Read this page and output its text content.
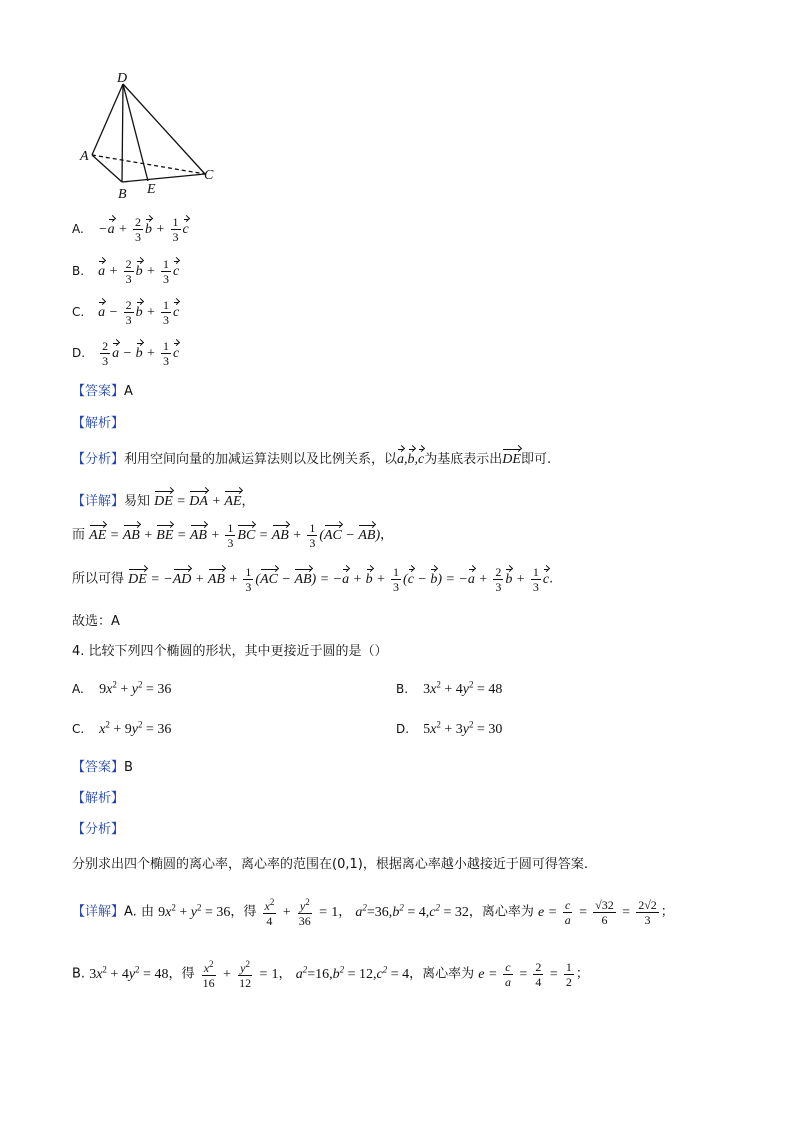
D
A
B E
C
A. $-a + \frac{2}{3}$ $b + \frac{1}{3}$ c
B. $a + \frac{2}{3}$ $b + \frac{1}{3}$ c
C. $a - \frac{2}{3}$ $b + \frac{1}{3}$ c
D. $\frac{2}{3}$ $a - b + \frac{1}{3}$ c
【答案】A
【解析】
【分析】利用空间向量的加减运算法则以及比例关系，以a,b,c为基底表示出DE即可.
【详解】易知 DE = DA + AE，
而 AE = AB + BE = AB + $\frac{1}{3}$ BC = AB + $\frac{1}{3} (AC - AB)$，
所以可得 DE = −AD + AB + $\frac{1}{3} (AC - AB) = -a + b + \frac{1}{3} (c - b) = -a + \frac{2}{3}$ $b + \frac{1}{3} c$.
故选：A
4. 比较下列四个椭圆的形状，其中更接近于圆的是（）
A. $9x^2 + y^2 = 36$	B. $3x^2 + 4y^2 = 48$
C. $x^2 + 9y^2 = 36$	D. $5x^2 + 3y^2 = 30$
【答案】B
【解析】
【分析】
分别求出四个椭圆的离心率，离心率的范围在(0,1)，根据离心率越小越接近于圆可得答案.
【详解】A. 由 $9x^2 + y^2 = 36$，得 $\frac{x^2}{4} + \frac{y^2}{36} = 1$， $a^2=36,b^2 = 4,c^2 = 32$，离心率为 $e = \frac{c}{a} = \frac{√32}{6} = \frac{2√2}{3}$ ；
B. $3x^2 + 4y^2 = 48$，得 $\frac{x^2}{16} + \frac{y^2}{12} = 1$， $a^2=16,b^2 = 12,c^2 = 4$，离心率为 $e = \frac{c}{a} = \frac{2}{4} = \frac{1}{2}$ ；
